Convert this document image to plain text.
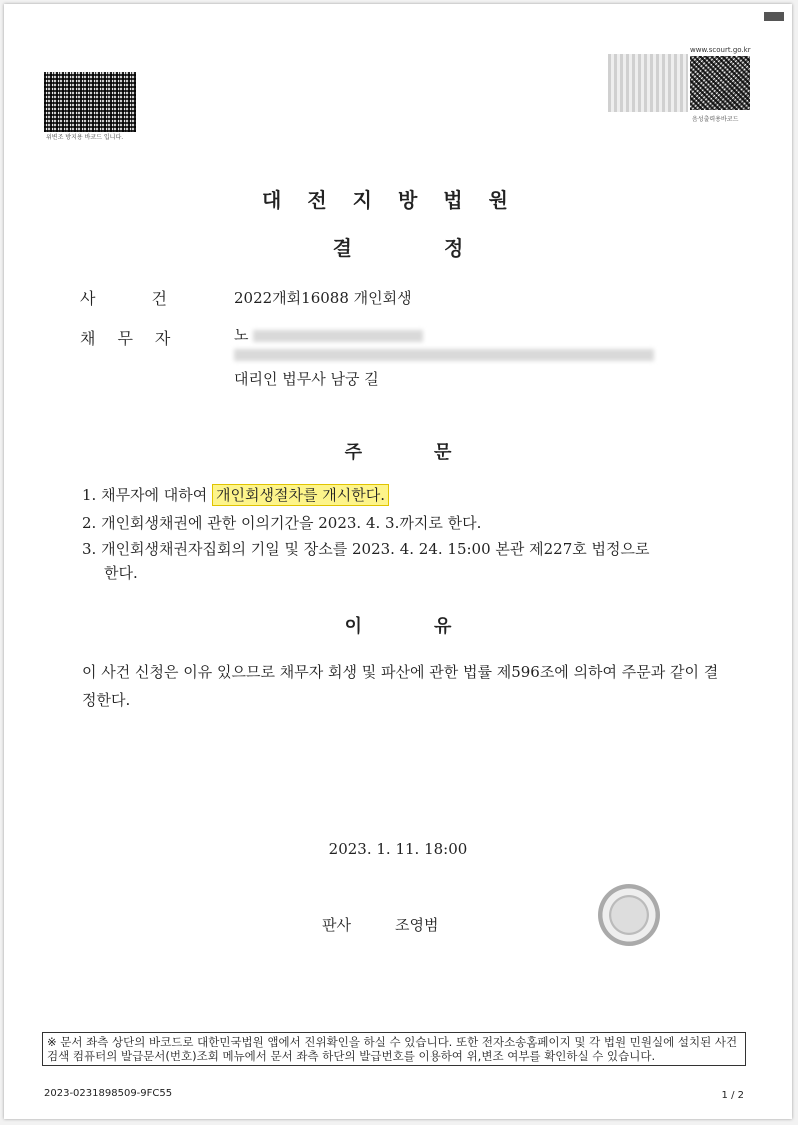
위변조 방지용 바코드 입니다.
www.scourt.go.kr
음성출력용바코드
대전지방법원
결정
사건 2022개회16088 개인회생
채무자	노
대리인 법무사 남궁 길
주문
1. 채무자에 대하여 개인회생절차를 개시한다.
2. 개인회생채권에 관한 이의기간을 2023. 4. 3.까지로 한다.
3. 개인회생채권자집회의 기일 및 장소를 2023. 4. 24. 15:00 본관 제227호 법정으로
한다.
이유
이 사건 신청은 이유 있으므로 채무자 회생 및 파산에 관한 법률 제596조에 의하여 주문과 같이 결정한다.
2023. 1. 11. 18:00
판사	조영범
※ 문서 좌측 상단의 바코드로 대한민국법원 앱에서 진위확인을 하실 수 있습니다. 또한 전자소송홈페이지 및 각 법원 민원실에 설치된 사건검색 컴퓨터의 발급문서(번호)조회 메뉴에서 문서 좌측 하단의 발급번호를 이용하여 위,변조 여부를 확인하실 수 있습니다.
2023-0231898509-9FC55	1 / 2
